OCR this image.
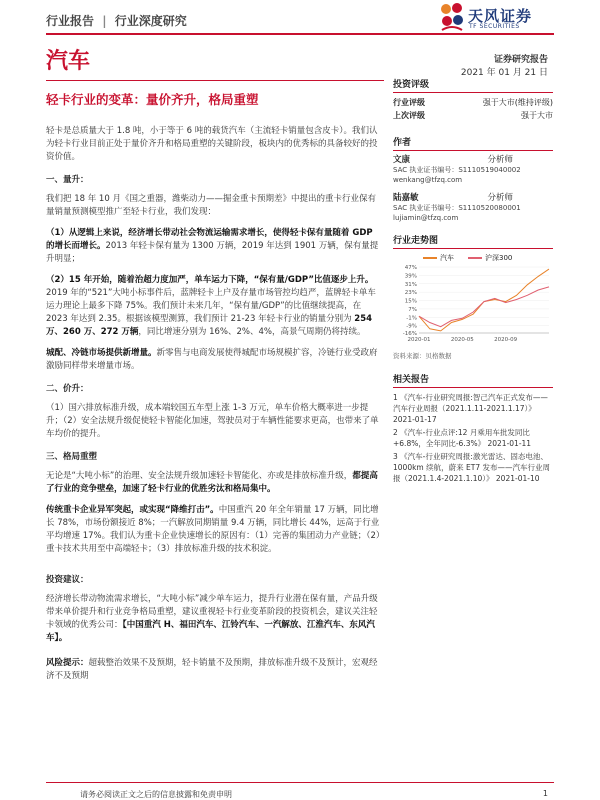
行业报告 | 行业深度研究	天风证券
TF SECURITIES
汽车	证券研究报告
2021 年 01 月 21 日
轻卡行业的变革：量价齐升，格局重塑

轻卡是总质量大于 1.8 吨，小于等于 6 吨的载货汽车（主流轻卡销量包含皮卡）。我们认为轻卡行业目前正处于量价齐升和格局重塑的关键阶段，板块内的优秀标的具备较好的投资价值。

一、量升：

我们把 18 年 10 月《国之重器，潍柴动力——掘金重卡预期差》中提出的重卡行业保有量销量预测模型推广至轻卡行业，我们发现：

（1）从逻辑上来说，经济增长带动社会物流运输需求增长，使得轻卡保有量随着 GDP 的增长而增长。2013 年轻卡保有量为 1300 万辆，2019 年达到 1901 万辆，保有量提升明显；

（2）15 年开始，随着治超力度加严，单车运力下降，“保有量/GDP”比值逐步上升。2019 年的“521”大吨小标事件后，蓝牌轻卡上户及存量市场管控均趋严，蓝牌轻卡单车运力理论上最多下降 75%。我们预计未来几年，“保有量/GDP”的比值继续提高，在 2023 年达到 2.35。根据该模型测算，我们预计 21-23 年轻卡行业的销量分别为 254 万、260 万、272 万辆，同比增速分别为 16%、2%、4%，高景气周期仍将持续。

城配、冷链市场提供新增量。新零售与电商发展使得城配市场规模扩容，冷链行业受政府激励同样带来增量市场。

二、价升：

（1）国六排放标准升级，成本端较国五车型上涨 1-3 万元，单车价格大概率进一步提升；（2）安全法规升级促使轻卡智能化加速，驾驶员对于车辆性能要求更高，也带来了单车均价的提升。

三、格局重塑

无论是“大吨小标”的治理、安全法规升级加速轻卡智能化、亦或是排放标准升级，都提高了行业的竞争壁垒，加速了轻卡行业的优胜劣汰和格局集中。

传统重卡企业异军突起，或实现“降维打击”。中国重汽 20 年全年销量 17 万辆，同比增长 78%，市场份额接近 8%；一汽解放同期销量 9.4 万辆，同比增长 44%，远高于行业平均增速 17%。我们认为重卡企业快速增长的原因有：（1）完善的集团动力产业链；（2）重卡技术共用至中高端轻卡；（3）排放标准升级的技术积淀。

投资建议：

经济增长带动物流需求增长，“大吨小标”减少单车运力，提升行业潜在保有量，产品升级带来单价提升和行业竞争格局重塑，建议重视轻卡行业变革阶段的投资机会，建议关注轻卡领域的优秀公司：【中国重汽 H、福田汽车、江铃汽车、一汽解放、江淮汽车、东风汽车】。

风险提示：超载整治效果不及预期，轻卡销量不及预期，排放标准升级不及预计，宏观经济不及预期

投资评级
行业评级	强于大市(维持评级)
上次评级	强于大市
作者
文康	分析师
SAC 执业证书编号：S1110519040002
wenkang@tfzq.com
陆嘉敏	分析师
SAC 执业证书编号：S1110520080001
lujiamin@tfzq.com
行业走势图
汽车	沪深300
47%
39%
31%
23%
15%
7%
-1%
-9%
-16%
2020-01	2020-05	2020-09
资料来源：贝格数据
相关报告
1 《汽车-行业研究周报:智己汽车正式发布——汽车行业周报（2021.1.11-2021.1.17）》 2021-01-17
2 《汽车-行业点评:12 月乘用车批发同比+6.8%，全年同比-6.3%》 2021-01-11
3 《汽车-行业研究周报:激光雷达、固态电池、1000km 续航，蔚来 ET7 发布——汽车行业周报（2021.1.4-2021.1.10）》 2021-01-10
请务必阅读正文之后的信息披露和免责申明	1
